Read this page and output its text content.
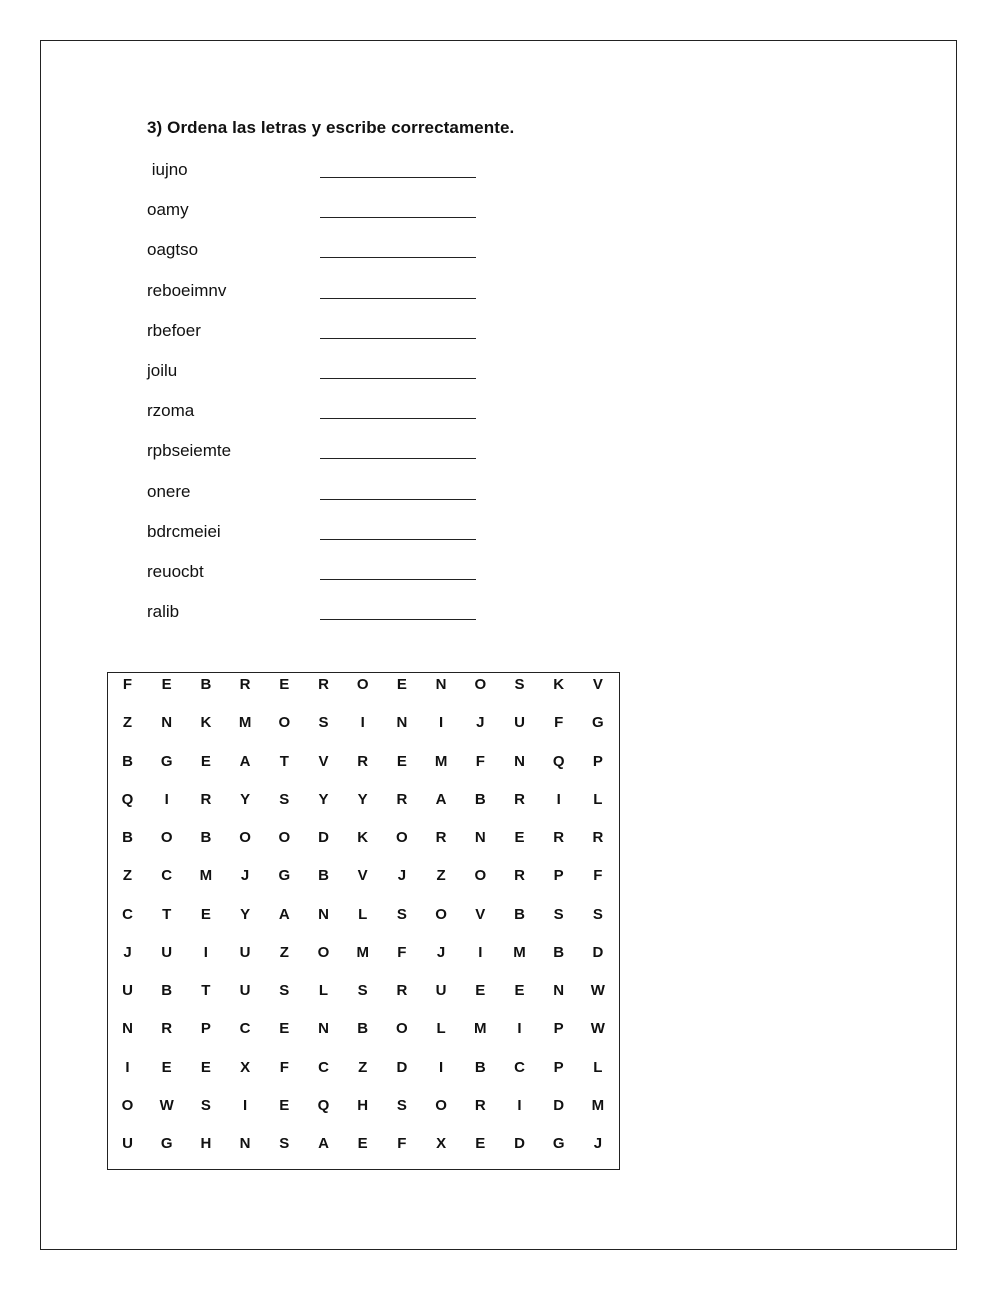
3) Ordena las letras y escribe correctamente.
iujno
oamy
oagtso
reboeimnv
rbefoer
joilu
rzoma
rpbseiemte
onere
bdrcmeiei
reuocbt
ralib
F	E	B	R	E	R	O	E	N	O	S	K	V
Z	N	K	M	O	S	I	N	I	J	U	F	G
B	G	E	A	T	V	R	E	M	F	N	Q	P
Q	I	R	Y	S	Y	Y	R	A	B	R	I	L
B	O	B	O	O	D	K	O	R	N	E	R	R
Z	C	M	J	G	B	V	J	Z	O	R	P	F
C	T	E	Y	A	N	L	S	O	V	B	S	S
J	U	I	U	Z	O	M	F	J	I	M	B	D
U	B	T	U	S	L	S	R	U	E	E	N	W
N	R	P	C	E	N	B	O	L	M	I	P	W
I	E	E	X	F	C	Z	D	I	B	C	P	L
O	W	S	I	E	Q	H	S	O	R	I	D	M
U	G	H	N	S	A	E	F	X	E	D	G	J
